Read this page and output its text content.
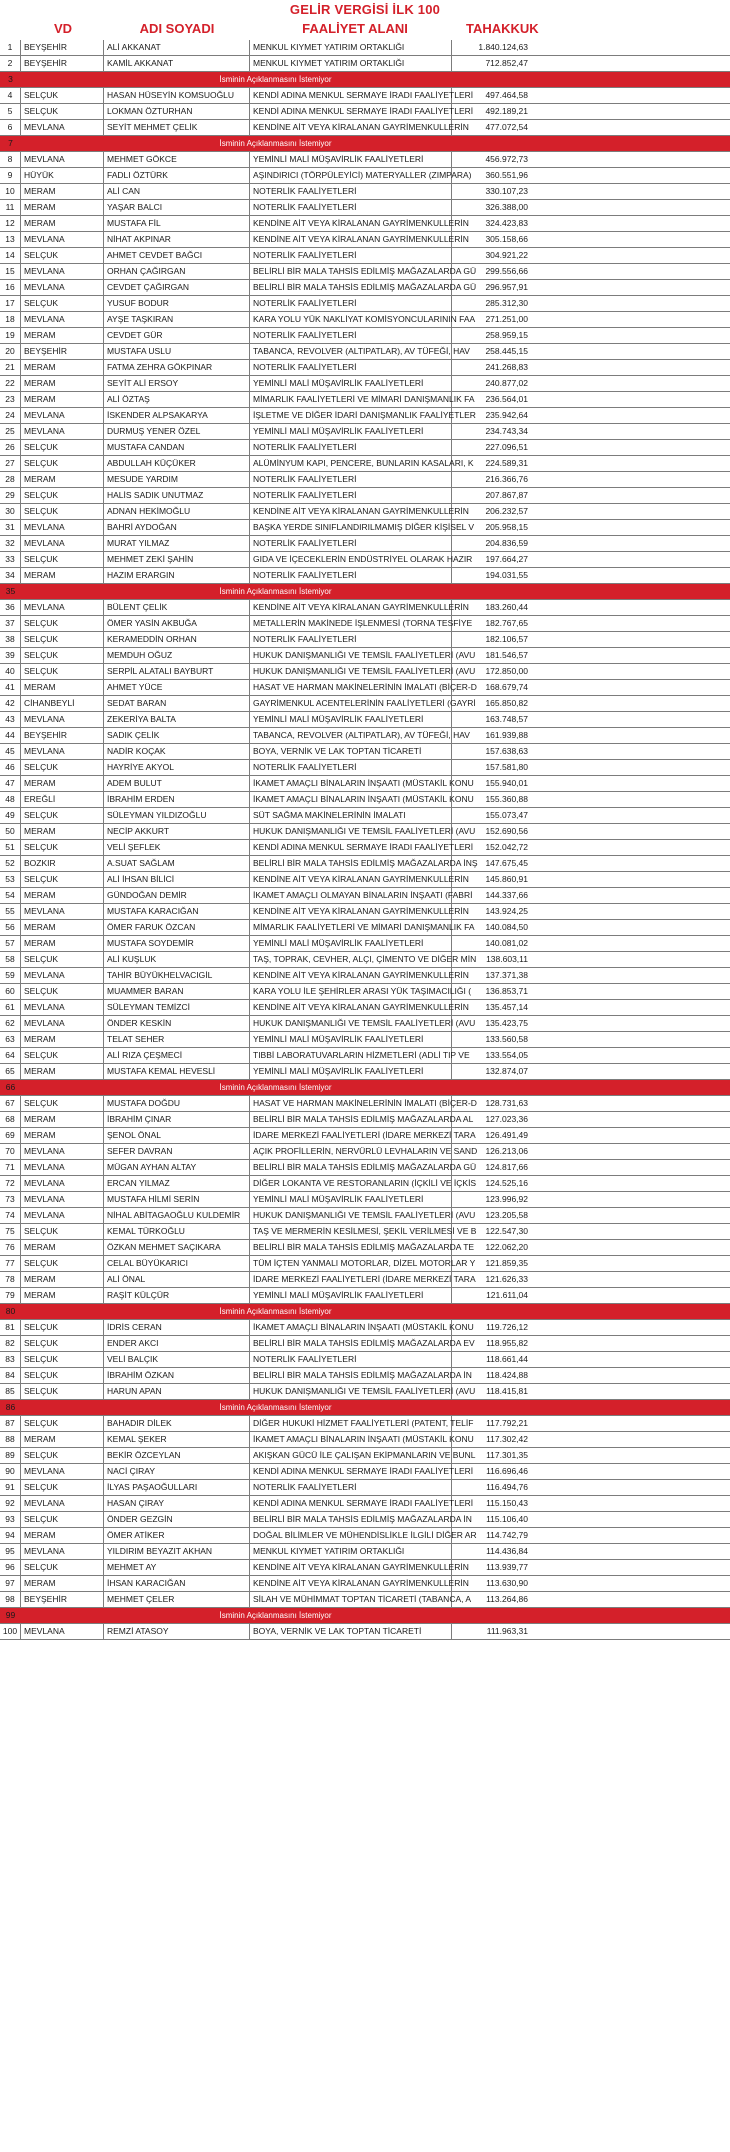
GELİR VERGİSİ İLK 100
VD	ADI SOYADI	FAALİYET ALANI	TAHAKKUK
1	BEYŞEHİR	ALİ AKKANAT	MENKUL KIYMET YATIRIM ORTAKLIĞI	1.840.124,63
2	BEYŞEHİR	KAMİL AKKANAT	MENKUL KIYMET YATIRIM ORTAKLIĞI	712.852,47
3	İsminin Açıklanmasını İstemiyor
4	SELÇUK	HASAN HÜSEYİN KOMSUOĞLU	KENDİ ADINA MENKUL SERMAYE İRADI FAALİYETLERİ	497.464,58
5	SELÇUK	LOKMAN ÖZTURHAN	KENDİ ADINA MENKUL SERMAYE İRADI FAALİYETLERİ	492.189,21
6	MEVLANA	SEYİT MEHMET ÇELİK	KENDİNE AİT VEYA KİRALANAN GAYRİMENKULLERİN	477.072,54
7	İsminin Açıklanmasını İstemiyor
8	MEVLANA	MEHMET GÖKCE	YEMİNLİ MALİ MÜŞAVİRLİK FAALİYETLERİ	456.972,73
9	HÜYÜK	FADLI ÖZTÜRK	AŞINDIRICI (TÖRPÜLEYİCİ) MATERYALLER (ZIMPARA)	360.551,96
10	MERAM	ALİ CAN	NOTERLİK FAALİYETLERİ	330.107,23
11	MERAM	YAŞAR BALCI	NOTERLİK FAALİYETLERİ	326.388,00
12	MERAM	MUSTAFA FİL	KENDİNE AİT VEYA KİRALANAN GAYRİMENKULLERİN	324.423,83
13	MEVLANA	NİHAT AKPINAR	KENDİNE AİT VEYA KİRALANAN GAYRİMENKULLERİN	305.158,66
14	SELÇUK	AHMET CEVDET BAĞCI	NOTERLİK FAALİYETLERİ	304.921,22
15	MEVLANA	ORHAN ÇAĞIRGAN	BELİRLİ BİR MALA TAHSİS EDİLMİŞ MAĞAZALARDA GÜ	299.556,66
16	MEVLANA	CEVDET ÇAĞIRGAN	BELİRLİ BİR MALA TAHSİS EDİLMİŞ MAĞAZALARDA GÜ	296.957,91
17	SELÇUK	YUSUF BODUR	NOTERLİK FAALİYETLERİ	285.312,30
18	MEVLANA	AYŞE TAŞKIRAN	KARA YOLU YÜK NAKLİYAT KOMİSYONCULARININ FAA	271.251,00
19	MERAM	CEVDET GÜR	NOTERLİK FAALİYETLERİ	258.959,15
20	BEYŞEHİR	MUSTAFA USLU	TABANCA, REVOLVER (ALTIPATLAR), AV TÜFEĞİ, HAV	258.445,15
21	MERAM	FATMA ZEHRA GÖKPINAR	NOTERLİK FAALİYETLERİ	241.268,83
22	MERAM	SEYİT ALİ ERSOY	YEMİNLİ MALİ MÜŞAVİRLİK FAALİYETLERİ	240.877,02
23	MERAM	ALİ ÖZTAŞ	MİMARLIK FAALİYETLERİ VE MİMARİ DANIŞMANLIK FA	236.564,01
24	MEVLANA	İSKENDER ALPSAKARYA	İŞLETME VE DİĞER İDARİ DANIŞMANLIK FAALİYETLER	235.942,64
25	MEVLANA	DURMUŞ YENER ÖZEL	YEMİNLİ MALİ MÜŞAVİRLİK FAALİYETLERİ	234.743,34
26	SELÇUK	MUSTAFA CANDAN	NOTERLİK FAALİYETLERİ	227.096,51
27	SELÇUK	ABDULLAH KÜÇÜKER	ALÜMİNYUM KAPI, PENCERE, BUNLARIN KASALARI, K	224.589,31
28	MERAM	MESUDE YARDIM	NOTERLİK FAALİYETLERİ	216.366,76
29	SELÇUK	HALİS SADIK UNUTMAZ	NOTERLİK FAALİYETLERİ	207.867,87
30	SELÇUK	ADNAN HEKİMOĞLU	KENDİNE AİT VEYA KİRALANAN GAYRİMENKULLERİN	206.232,57
31	MEVLANA	BAHRİ AYDOĞAN	BAŞKA YERDE SINIFLANDIRILMAMIŞ DİĞER KİŞİSEL V	205.958,15
32	MEVLANA	MURAT YILMAZ	NOTERLİK FAALİYETLERİ	204.836,59
33	SELÇUK	MEHMET ZEKİ ŞAHİN	GIDA VE İÇECEKLERİN ENDÜSTRİYEL OLARAK HAZIR	197.664,27
34	MERAM	HAZIM ERARGIN	NOTERLİK FAALİYETLERİ	194.031,55
35	İsminin Açıklanmasını İstemiyor
36	MEVLANA	BÜLENT ÇELİK	KENDİNE AİT VEYA KİRALANAN GAYRİMENKULLERİN	183.260,44
37	SELÇUK	ÖMER YASİN AKBUĞA	METALLERİN MAKİNEDE İŞLENMESİ (TORNA TESFİYE	182.767,65
38	SELÇUK	KERAMEDDİN ORHAN	NOTERLİK FAALİYETLERİ	182.106,57
39	SELÇUK	MEMDUH OĞUZ	HUKUK DANIŞMANLIĞI VE TEMSİL FAALİYETLERİ (AVU	181.546,57
40	SELÇUK	SERPİL ALATALI BAYBURT	HUKUK DANIŞMANLIĞI VE TEMSİL FAALİYETLERİ (AVU	172.850,00
41	MERAM	AHMET YÜCE	HASAT VE HARMAN MAKİNELERİNİN İMALATI (BİÇER-D	168.679,74
42	CİHANBEYLİ	SEDAT BARAN	GAYRİMENKUL ACENTELERİNİN FAALİYETLERİ (GAYRİ	165.850,82
43	MEVLANA	ZEKERİYA BALTA	YEMİNLİ MALİ MÜŞAVİRLİK FAALİYETLERİ	163.748,57
44	BEYŞEHİR	SADIK ÇELİK	TABANCA, REVOLVER (ALTIPATLAR), AV TÜFEĞİ, HAV	161.939,88
45	MEVLANA	NADİR KOÇAK	BOYA, VERNİK VE LAK TOPTAN TİCARETİ	157.638,63
46	SELÇUK	HAYRİYE AKYOL	NOTERLİK FAALİYETLERİ	157.581,80
47	MERAM	ADEM BULUT	İKAMET AMAÇLI BİNALARIN İNŞAATI (MÜSTAKİL KONU	155.940,01
48	EREĞLİ	İBRAHİM ERDEN	İKAMET AMAÇLI BİNALARIN İNŞAATI (MÜSTAKİL KONU	155.360,88
49	SELÇUK	SÜLEYMAN YILDIZOĞLU	SÜT SAĞMA MAKİNELERİNİN İMALATI	155.073,47
50	MERAM	NECİP AKKURT	HUKUK DANIŞMANLIĞI VE TEMSİL FAALİYETLERİ (AVU	152.690,56
51	SELÇUK	VELİ ŞEFLEK	KENDİ ADINA MENKUL SERMAYE İRADI FAALİYETLERİ	152.042,72
52	BOZKIR	A.SUAT SAĞLAM	BELİRLİ BİR MALA TAHSİS EDİLMİŞ MAĞAZALARDA İNŞ 147.675,45
53	SELÇUK	ALİ İHSAN BİLİCİ	KENDİNE AİT VEYA KİRALANAN GAYRİMENKULLERİN	145.860,91
54	MERAM	GÜNDOĞAN DEMİR	İKAMET AMAÇLI OLMAYAN BİNALARIN İNŞAATI (FABRİ	144.337,66
55	MEVLANA	MUSTAFA KARACIĞAN	KENDİNE AİT VEYA KİRALANAN GAYRİMENKULLERİN	143.924,25
56	MERAM	ÖMER FARUK ÖZCAN	MİMARLIK FAALİYETLERİ VE MİMARİ DANIŞMANLIK FA	140.084,50
57	MERAM	MUSTAFA SOYDEMİR	YEMİNLİ MALİ MÜŞAVİRLİK FAALİYETLERİ	140.081,02
58	SELÇUK	ALİ KUŞLUK	TAŞ, TOPRAK, CEVHER, ALÇI, ÇİMENTO VE DİĞER MİN	138.603,11
59	MEVLANA	TAHİR BÜYÜKHELVACIGİL	KENDİNE AİT VEYA KİRALANAN GAYRİMENKULLERİN	137.371,38
60	SELÇUK	MUAMMER BARAN	KARA YOLU İLE ŞEHİRLER ARASI YÜK TAŞIMACILIĞI (	136.853,71
61	MEVLANA	SÜLEYMAN TEMİZCİ	KENDİNE AİT VEYA KİRALANAN GAYRİMENKULLERİN	135.457,14
62	MEVLANA	ÖNDER KESKİN	HUKUK DANIŞMANLIĞI VE TEMSİL FAALİYETLERİ (AVU	135.423,75
63	MERAM	TELAT SEHER	YEMİNLİ MALİ MÜŞAVİRLİK FAALİYETLERİ	133.560,58
64	SELÇUK	ALİ RIZA ÇEŞMECİ	TIBBİ LABORATUVARLARIN HİZMETLERİ (ADLİ TIP VE	133.554,05
65	MERAM	MUSTAFA KEMAL HEVESLİ	YEMİNLİ MALİ MÜŞAVİRLİK FAALİYETLERİ	132.874,07
66	İsminin Açıklanmasını İstemiyor
67	SELÇUK	MUSTAFA DOĞDU	HASAT VE HARMAN MAKİNELERİNİN İMALATI (BİÇER-D	128.731,63
68	MERAM	İBRAHİM ÇINAR	BELİRLİ BİR MALA TAHSİS EDİLMİŞ MAĞAZALARDA AL	127.023,36
69	MERAM	ŞENOL ÖNAL	İDARE MERKEZİ FAALİYETLERİ (İDARE MERKEZİ TARA	126.491,49
70	MEVLANA	SEFER DAVRAN	AÇIK PROFİLLERİN, NERVÜRLÜ LEVHALARIN VE SAND 126.213,06
71	MEVLANA	MÜGAN AYHAN ALTAY	BELİRLİ BİR MALA TAHSİS EDİLMİŞ MAĞAZALARDA GÜ	124.817,66
72	MEVLANA	ERCAN YILMAZ	DİĞER LOKANTA VE RESTORANLARIN (İÇKİLİ VE İÇKİS	124.525,16
73	MEVLANA	MUSTAFA HİLMİ SERİN	YEMİNLİ MALİ MÜŞAVİRLİK FAALİYETLERİ	123.996,92
74	MEVLANA	NİHAL ABİTAGAOĞLU KULDEMİR	HUKUK DANIŞMANLIĞI VE TEMSİL FAALİYETLERİ (AVU	123.205,58
75	SELÇUK	KEMAL TÜRKOĞLU	TAŞ VE MERMERİN KESİLMESİ, ŞEKİL VERİLMESİ VE B	122.547,30
76	MERAM	ÖZKAN MEHMET SAÇIKARA	BELİRLİ BİR MALA TAHSİS EDİLMİŞ MAĞAZALARDA TE	122.062,20
77	SELÇUK	CELAL BÜYÜKARICI	TÜM İÇTEN YANMALI MOTORLAR, DİZEL MOTORLAR Y	121.859,35
78	MERAM	ALİ ÖNAL	İDARE MERKEZİ FAALİYETLERİ (İDARE MERKEZİ TARA	121.626,33
79	MERAM	RAŞİT KÜLÇÜR	YEMİNLİ MALİ MÜŞAVİRLİK FAALİYETLERİ	121.611,04
80	İsminin Açıklanmasını İstemiyor
81	SELÇUK	İDRİS CERAN	İKAMET AMAÇLI BİNALARIN İNŞAATI (MÜSTAKİL KONU	119.726,12
82	SELÇUK	ENDER AKCI	BELİRLİ BİR MALA TAHSİS EDİLMİŞ MAĞAZALARDA EV	118.955,82
83	SELÇUK	VELİ BALÇIK	NOTERLİK FAALİYETLERİ	118.661,44
84	SELÇUK	İBRAHİM ÖZKAN	BELİRLİ BİR MALA TAHSİS EDİLMİŞ MAĞAZALARDA İN	118.424,88
85	SELÇUK	HARUN APAN	HUKUK DANIŞMANLIĞI VE TEMSİL FAALİYETLERİ (AVU	118.415,81
86	İsminin Açıklanmasını İstemiyor
87	SELÇUK	BAHADIR DİLEK	DİĞER HUKUKİ HİZMET FAALİYETLERİ (PATENT, TELİF	117.792,21
88	MERAM	KEMAL ŞEKER	İKAMET AMAÇLI BİNALARIN İNŞAATI (MÜSTAKİL KONU	117.302,42
89	SELÇUK	BEKİR ÖZCEYLAN	AKIŞKAN GÜCÜ İLE ÇALIŞAN EKİPMANLARIN VE BUNL	117.301,35
90	MEVLANA	NACİ ÇIRAY	KENDİ ADINA MENKUL SERMAYE İRADI FAALİYETLERİ	116.696,46
91	SELÇUK	İLYAS PAŞAOĞULLARI	NOTERLİK FAALİYETLERİ	116.494,76
92	MEVLANA	HASAN ÇIRAY	KENDİ ADINA MENKUL SERMAYE İRADI FAALİYETLERİ	115.150,43
93	SELÇUK	ÖNDER GEZGİN	BELİRLİ BİR MALA TAHSİS EDİLMİŞ MAĞAZALARDA İN	115.106,40
94	MERAM	ÖMER ATİKER	DOĞAL BİLİMLER VE MÜHENDİSLİKLE İLGİLİ DİĞER AR	114.742,79
95	MEVLANA	YILDIRIM BEYAZIT AKHAN	MENKUL KIYMET YATIRIM ORTAKLIĞI	114.436,84
96	SELÇUK	MEHMET AY	KENDİNE AİT VEYA KİRALANAN GAYRİMENKULLERİN	113.939,77
97	MERAM	İHSAN KARACIĞAN	KENDİNE AİT VEYA KİRALANAN GAYRİMENKULLERİN	113.630,90
98	BEYŞEHİR	MEHMET ÇELER	SİLAH VE MÜHİMMAT TOPTAN TİCARETİ (TABANCA, A	113.264,86
99	İsminin Açıklanmasını İstemiyor
100 MEVLANA	REMZİ ATASOY	BOYA, VERNİK VE LAK TOPTAN TİCARETİ	111.963,31
